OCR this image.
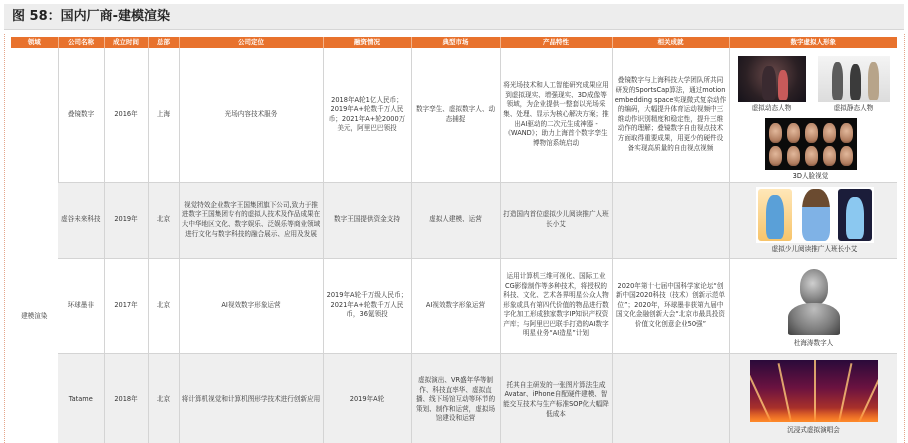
图 58：国内厂商-建模渲染
领域	公司名称	成立时间	总部	公司定位	融资情况	典型市场	产品特性	相关成就	数字虚拟人形象

建模渲染	叠镜数字	2016年	上海	光场内容技术服务	2018年A轮1亿人民币；2019年A+轮数千万人民币；2021年A+轮2000万美元，阿里巴巴领投	数字孪生、虚拟数字人、动态捕捉	将光场技术和人工智能研究成果应用到虚拟现实、增强现实、3D成像等领域，为企业提供一整套以光场采集、处理、显示为核心解决方案；推出AI驱动的二次元生成神器 -《WAND》；助力上海首个数字孪生博物馆系统启动	叠镜数字与上海科技大学团队所共同研发的SportsCap算法，通过motion embedding space实现微式复杂动作的编码，大幅提升体育运动视频中三维动作识别精度和稳定性，提升三维动作的理解；叠镜数字自由视点技术方面取得重要成果，用更少的硬件设备实现高质量的自由视点视频	虚拟动态人物 虚拟静态人物
3D人脸视觉

	虚谷未来科技	2019年	北京	视觉特效企业数字王国集团旗下公司,致力于推进数字王国集团专有的虚拟人技术及作品成果在大中华地区文化、数字娱乐、泛娱乐等商业领域进行文化与数字科技的融合展示、应用及发展	数字王国提供资金支持	虚拟人建模、运营	打造国内首位虚拟少儿阅读推广人班长小艾		虚拟少儿阅读推广人班长小艾

	环球墨非	2017年	北京	AI视效数字形象运营	2019年A轮千万级人民币；2021年A+轮数千万人民币，36氪领投	AI视效数字形象运营	运用计算机三维可视化、国际工业CG影像制作等多种技术，将授权的科技、文化、艺术各界明星公众人物形象或具有第四代价值的物品进行数字化加工形成独家数字IP知识产权资产库；与阿里巴巴联手打造的AI数字明星业务“AI造星”计划	2020年第十七届中国科学家论坛“创新中国2020科技（技术）创新示范单位”；2020年，环球墨非获第九届中国文化金融创新大会“北京市最具投资价值文化创意企业50强”	杜海涛数字人

	Tatame	2018年	北京	将计算机视觉和计算机图形学技术进行创新应用	2019年A轮	虚拟演出、VR盛年华等制作、科技直率华、虚拟直播、线下场馆互动等环节的策划、制作和运营，虚拟场馆建设和运营	托其自主研发的一张图片算法生成 Avatar、iPhone自配硬件建模、智能交互技术与生产标准SOP化大幅降低成本		沉浸式虚拟演唱会
